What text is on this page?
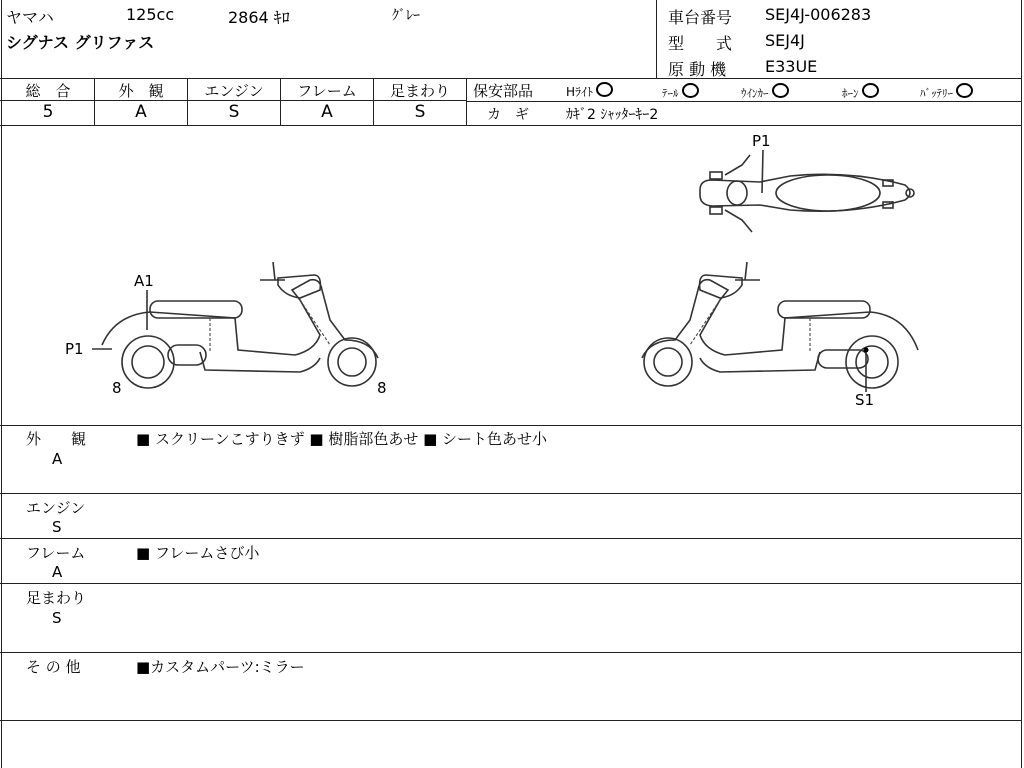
ヤマハ	125cc	2864 ｷﾛ	ｸﾞﾚｰ
シグナス グリファス
車台番号 SEJ4J-006283
型　　式 SEJ4J
原 動 機 E33UE
総　合	外　観	エンジン	フレーム	足まわり
5	A	S	A	S
保安部品	Hﾗｲﾄ	ﾃｰﾙ	ｳｲﾝｶｰ	ﾎｰﾝ	ﾊﾞｯﾃﾘｰ
カ　ギ	ｶｷﾞ2 ｼｬｯﾀｰｷｰ2
A1
P1
8	8
P1
S1
外　　観
A
■ スクリーンこすりきず ■ 樹脂部色あせ ■ シート色あせ小
エンジン
S
フレーム
A
■ フレームさび小
足まわり
S
そ の 他	■カスタムパーツ:ミラー
